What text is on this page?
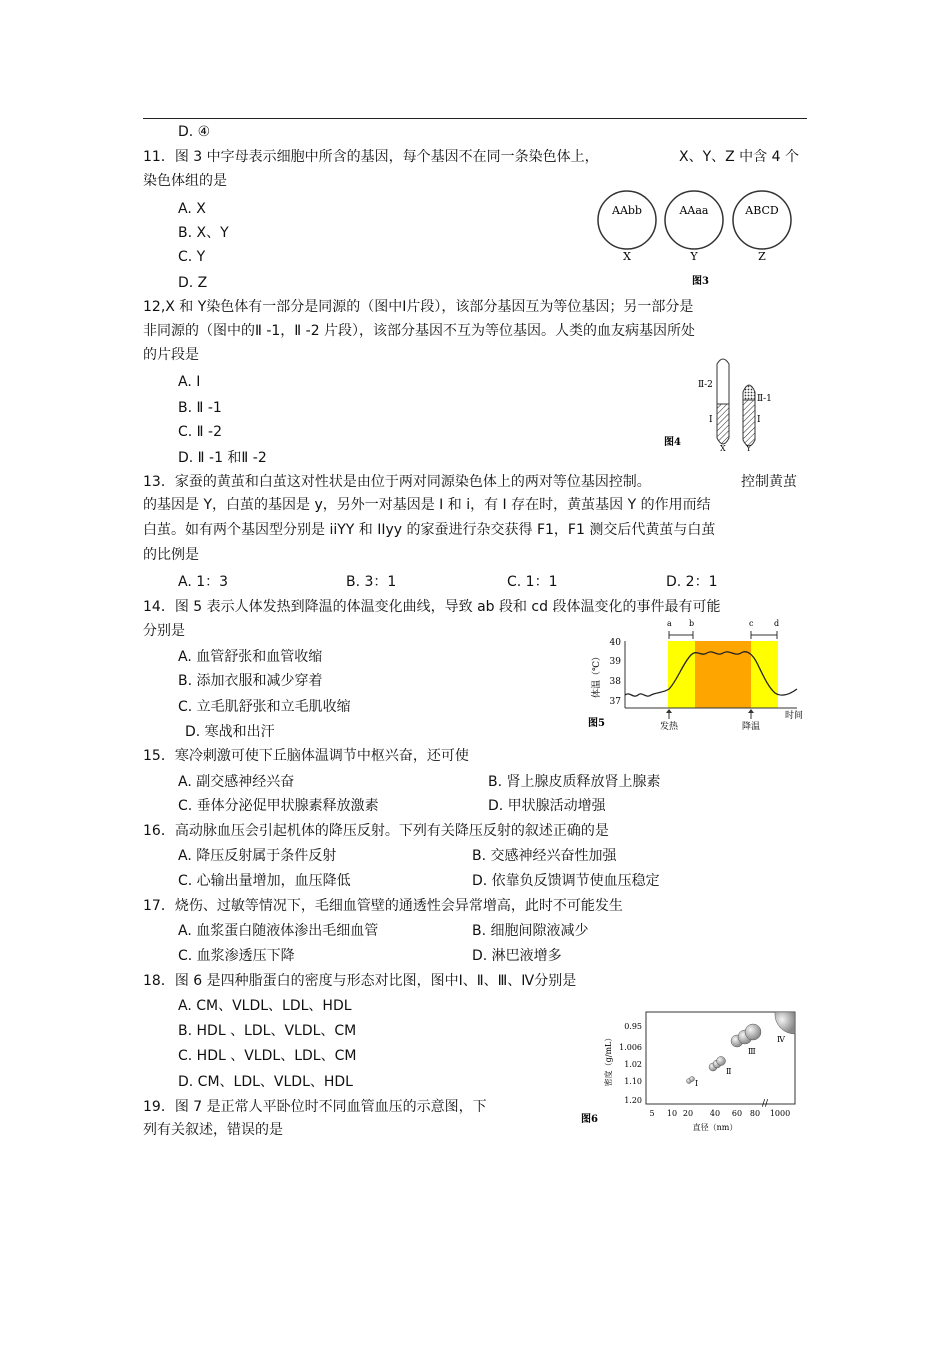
D. ④
11．图 3 中字母表示细胞中所含的基因，每个基因不在同一条染色体上，	X、Y、Z 中含 4 个
染色体组的是
A. X
B. X、Y
C. Y
D. Z
AAbb
X
AAaa
Y
ABCD
Z
图3
12,X 和 Y染色体有一部分是同源的（图中Ⅰ片段），该部分基因互为等位基因；另一部分是
非同源的（图中的Ⅱ -1，Ⅱ -2 片段），该部分基因不互为等位基因。人类的血友病基因所处
的片段是
A. Ⅰ
B. Ⅱ -1
C. Ⅱ -2
D. Ⅱ -1 和Ⅱ -2
Ⅱ-2
Ⅰ
Ⅱ-1
Ⅰ
X	Y
图4
13．家蚕的黄茧和白茧这对性状是由位于两对同源染色体上的两对等位基因控制。	控制黄茧
的基因是 Y，白茧的基因是 y，另外一对基因是 I 和 i，有 I 存在时，黄茧基因 Y 的作用而结
白茧。如有两个基因型分别是 iiYY 和 IIyy 的家蚕进行杂交获得 F1，F1 测交后代黄茧与白茧
的比例是
A. 1：3	B. 3：1	C. 1：1	D. 2：1
14．图 5 表示人体发热到降温的体温变化曲线，导致 ab 段和 cd 段体温变化的事件最有可能
分别是
A. 血管舒张和血管收缩
B. 添加衣服和减少穿着
C. 立毛肌舒张和立毛肌收缩
D. 寒战和出汗
40
39
38
37
体温（℃）
a b	c	d
发热	降温
时间
图5
15．寒冷刺激可使下丘脑体温调节中枢兴奋，还可使
A. 副交感神经兴奋	B. 肾上腺皮质释放肾上腺素
C. 垂体分泌促甲状腺素释放激素	D. 甲状腺活动增强
16．高动脉血压会引起机体的降压反射。下列有关降压反射的叙述正确的是
A. 降压反射属于条件反射	B. 交感神经兴奋性加强
C. 心输出量增加，血压降低	D. 依靠负反馈调节使血压稳定
17．烧伤、过敏等情况下，毛细血管壁的通透性会异常增高，此时不可能发生
A. 血浆蛋白随液体渗出毛细血管	B. 细胞间隙液减少
C. 血浆渗透压下降	D. 淋巴液增多
18．图 6 是四种脂蛋白的密度与形态对比图，图中Ⅰ、Ⅱ、Ⅲ、Ⅳ分别是
A. CM、VLDL、LDL、HDL
B. HDL 、LDL、VLDL、CM
C. HDL 、VLDL、LDL、CM
D. CM、LDL、VLDL、HDL
0.95
1.006
1.02
1.10
1.20
密度（g/mL）
5 10 20 40 60 80 1000
//
直径（nm）
Ⅰ
Ⅱ
Ⅲ
Ⅳ
图6
19．图 7 是正常人平卧位时不同血管血压的示意图，下
列有关叙述，错误的是
